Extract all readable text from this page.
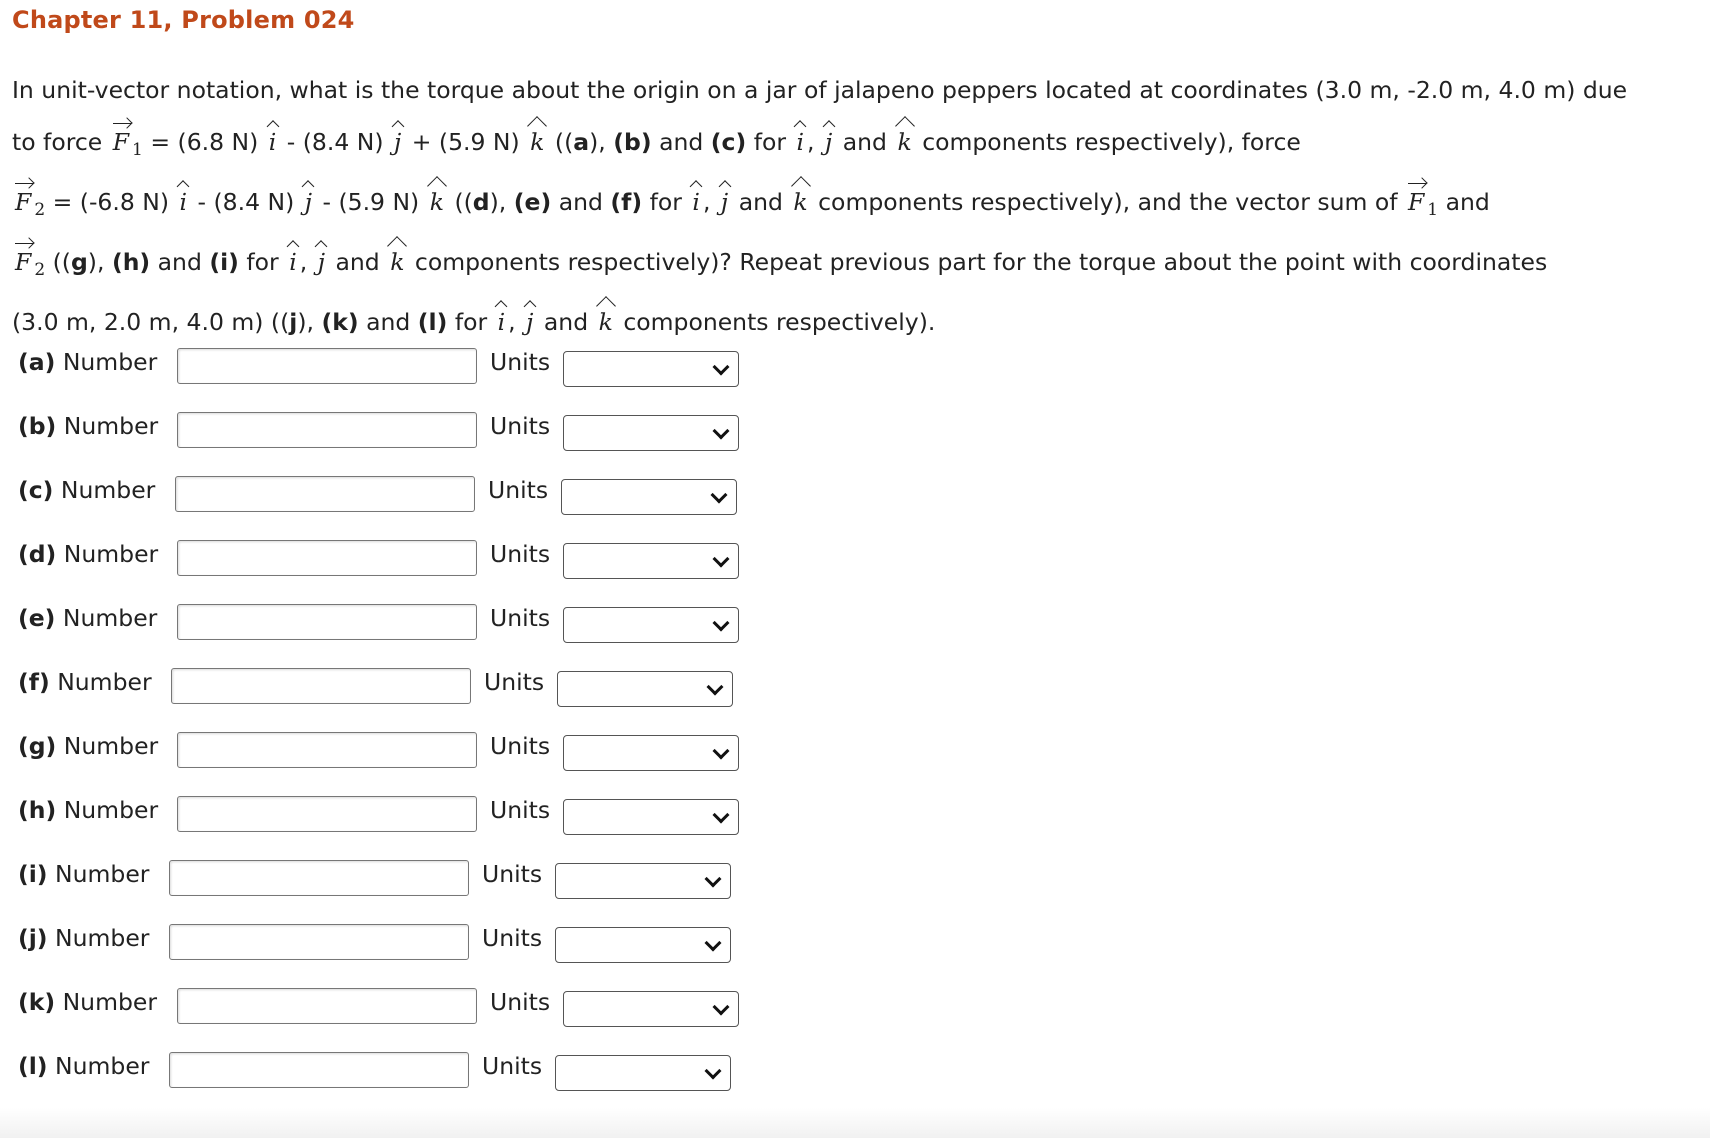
Chapter 11, Problem 024
In unit-vector notation, what is the torque about the origin on a jar of jalapeno peppers located at coordinates (3.0 m, -2.0 m, 4.0 m) due
to force F $_1$ = (6.8 N) i - (8.4 N) j + (5.9 N) k ((a), (b) and (c) for i , j and k components respectively), force
F $_2$ = (-6.8 N) i - (8.4 N) j - (5.9 N) k ((d), (e) and (f) for i , j and k components respectively), and the vector sum of F $_1$ and
F $_2$ ((g), (h) and (i) for i , j and k components respectively)? Repeat previous part for the torque about the point with coordinates
(3.0 m, 2.0 m, 4.0 m) ((j), (k) and (l) for i , j and k components respectively).
(a) Number	Units
(b) Number	Units
(c) Number	Units
(d) Number	Units
(e) Number	Units
(f) Number	Units
(g) Number	Units
(h) Number	Units
(i) Number	Units
(j) Number	Units
(k) Number	Units
(l) Number	Units
